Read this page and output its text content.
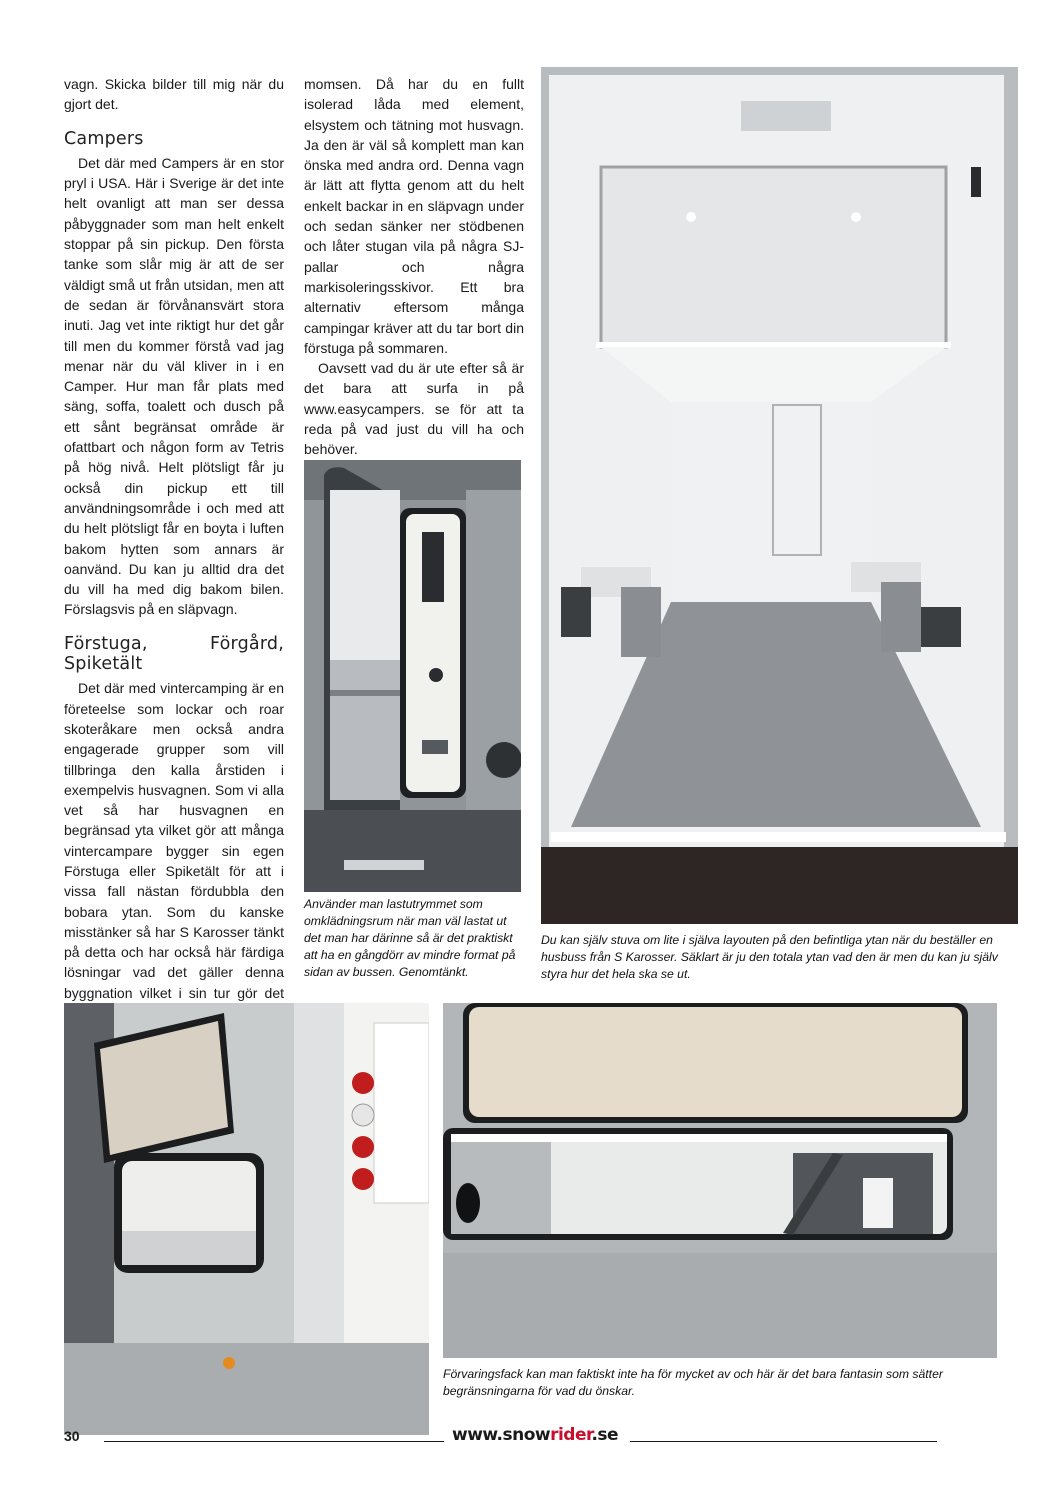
vagn. Skicka bilder till mig när du gjort det.

Campers

Det där med Campers är en stor pryl i USA. Här i Sverige är det inte helt ovanligt att man ser dessa påbyggnader som man helt enkelt stoppar på sin pickup. Den första tanke som slår mig är att de ser väldigt små ut från utsidan, men att de sedan är förvånansvärt stora inuti. Jag vet inte riktigt hur det går till men du kommer förstå vad jag menar när du väl kliver in i en Camper. Hur man får plats med säng, soffa, toalett och dusch på ett sånt begränsat område är ofattbart och någon form av Tetris på hög nivå. Helt plötsligt får ju också din pickup ett till användningsområde i och med att du helt plötsligt får en boyta i luften bakom hytten som annars är oanvänd. Du kan ju alltid dra det du vill ha med dig bakom bilen. Förslagsvis på en släpvagn.

Förstuga, Förgård, Spiketält

Det där med vintercamping är en företeelse som lockar och roar skoteråkare men också andra engagerade grupper som vill tillbringa den kalla årstiden i exempelvis husvagnen. Som vi alla vet så har husvagnen en begränsad yta vilket gör att många vintercampare bygger sin egen Förstuga eller Spiketält för att i vissa fall nästan fördubbla den bobara ytan. Som du kanske misstänker så har S Karosser tänkt på detta och har också här färdiga lösningar vad det gäller denna byggnation vilket i sin tur gör det

momsen. Då har du en fullt isolerad låda med element, elsystem och tätning mot husvagn. Ja den är väl så komplett man kan önska med andra ord. Denna vagn är lätt att flytta genom att du helt enkelt backar in en släpvagn under och sedan sänker ner stödbenen och låter stugan vila på några SJ-pallar och några markisoleringsskivor. Ett bra alternativ eftersom många campingar kräver att du tar bort din förstuga på sommaren.

Oavsett vad du är ute efter så är det bara att surfa in på www.easycampers. se för att ta reda på vad just du vill ha och behöver.

Använder man lastutrymmet som omklädningsrum när man väl lastat ut det man har därinne så är det praktiskt att ha en gångdörr av mindre format på sidan av bussen. Genomtänkt.
Du kan själv stuva om lite i själva layouten på den befintliga ytan när du beställer en husbuss från S Karosser. Säklart är ju den totala ytan vad den är men du kan ju själv styra hur det hela ska se ut.
Förvaringsfack kan man faktiskt inte ha för mycket av och här är det bara fantasin som sätter begränsningarna för vad du önskar.
30	www.snowrider.se
